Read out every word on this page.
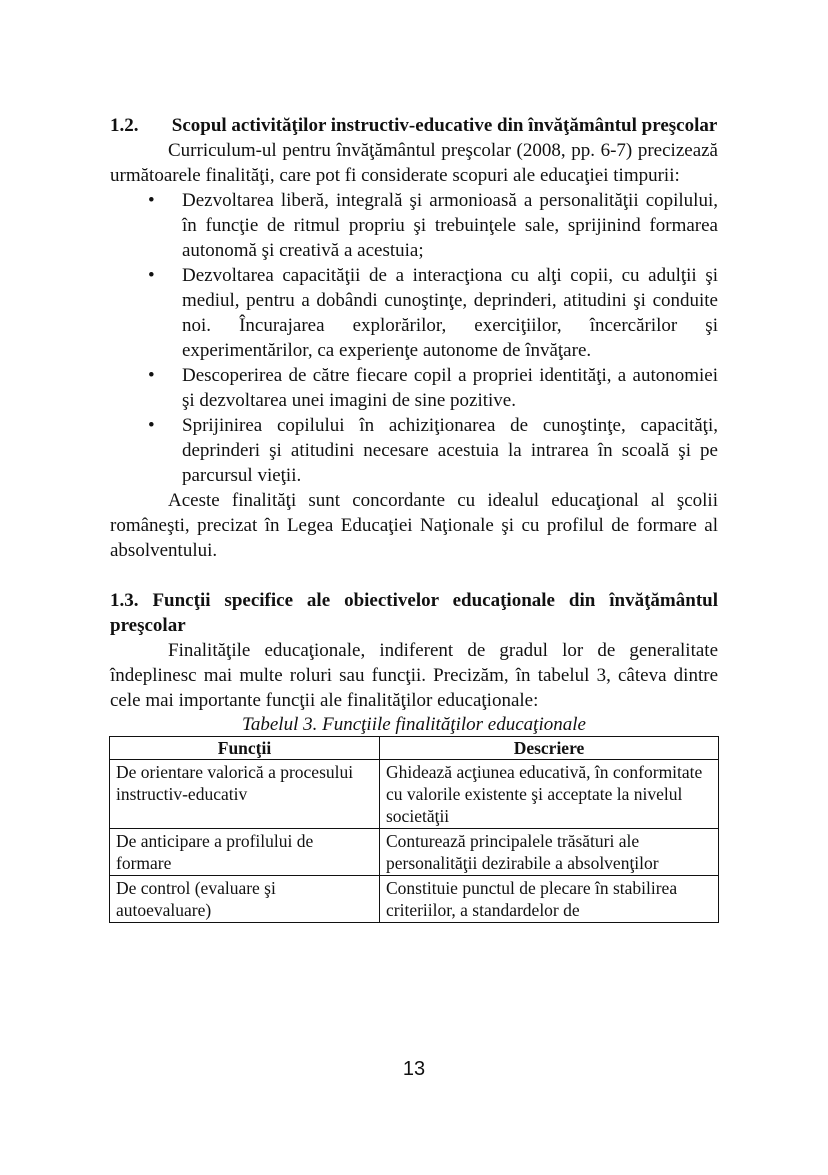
1.2. Scopul activităţilor instructiv-educative din învăţământul preşcolar

Curriculum-ul pentru învăţământul preşcolar (2008, pp. 6-7) precizează următoarele finalităţi, care pot fi considerate scopuri ale educaţiei timpurii:

• Dezvoltarea liberă, integrală şi armonioasă a personalităţii copilului, în funcţie de ritmul propriu şi trebuinţele sale, sprijinind formarea autonomă şi creativă a acestuia;
• Dezvoltarea capacităţii de a interacţiona cu alţi copii, cu adulţii şi mediul, pentru a dobândi cunoştinţe, deprinderi, atitudini şi conduite noi. Încurajarea explorărilor, exerciţiilor, încercărilor şi experimentărilor, ca experienţe autonome de învăţare.
• Descoperirea de către fiecare copil a propriei identităţi, a autonomiei şi dezvoltarea unei imagini de sine pozitive.
• Sprijinirea copilului în achiziţionarea de cunoştinţe, capacităţi, deprinderi şi atitudini necesare acestuia la intrarea în scoală şi pe parcursul vieţii.

Aceste finalităţi sunt concordante cu idealul educaţional al şcolii româneşti, precizat în Legea Educaţiei Naţionale şi cu profilul de formare al absolventului.

1.3. Funcţii specifice ale obiectivelor educaţionale din învăţământul preşcolar

Finalităţile educaţionale, indiferent de gradul lor de generalitate îndeplinesc mai multe roluri sau funcţii. Precizăm, în tabelul 3, câteva dintre cele mai importante funcţii ale finalităţilor educaţionale:

Tabelul 3. Funcţiile finalităţilor educaţionale

Funcţii	Descriere
De orientare valorică a procesului instructiv-educativ	Ghidează acţiunea educativă, în conformitate cu valorile existente şi acceptate la nivelul societăţii
De anticipare a profilului de formare	Conturează principalele trăsături ale personalităţii dezirabile a absolvenţilor
De control (evaluare şi autoevaluare)	Constituie punctul de plecare în stabilirea criteriilor, a standardelor de
13
